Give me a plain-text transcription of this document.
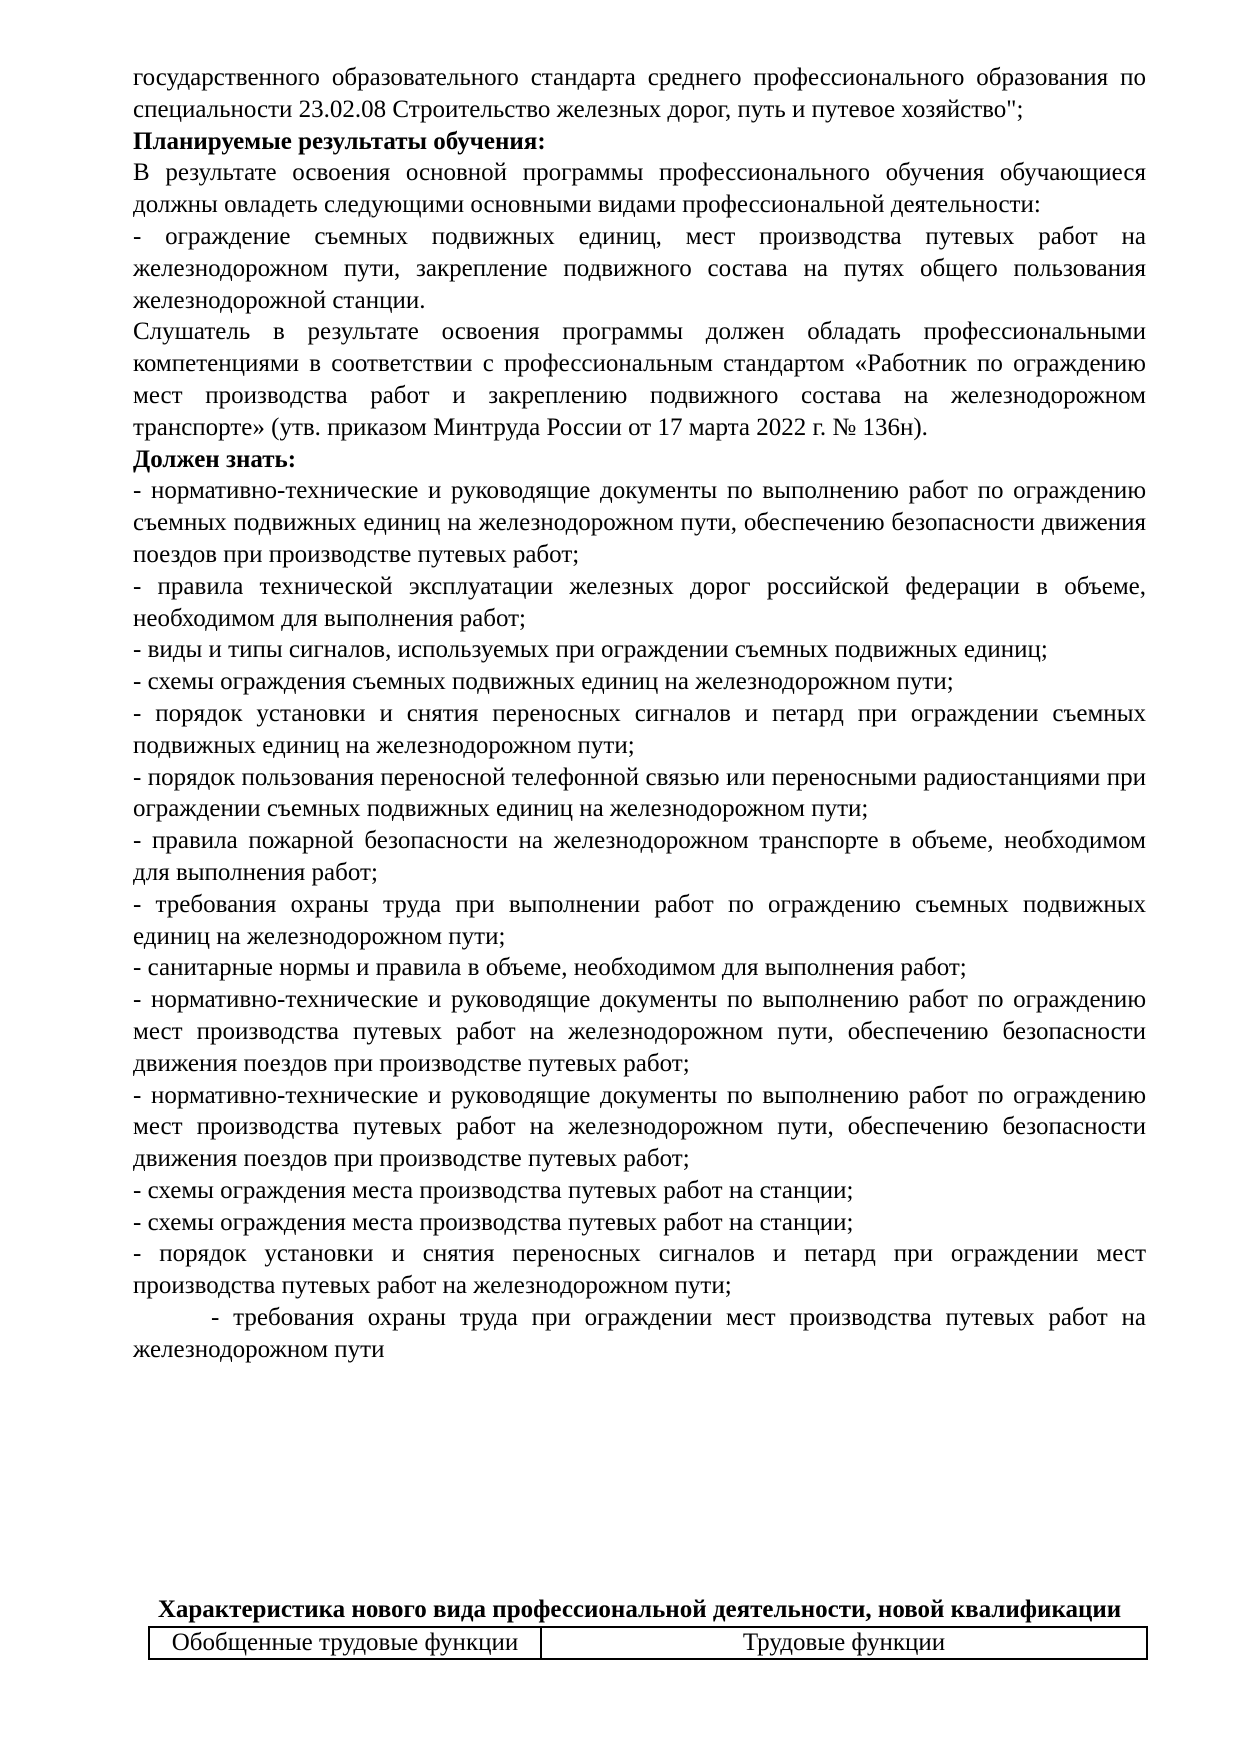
государственного образовательного стандарта среднего профессионального образования по специальности 23.02.08 Строительство железных дорог, путь и путевое хозяйство";

Планируемые результаты обучения:

В результате освоения основной программы профессионального обучения обучающиеся должны овладеть следующими основными видами профессиональной деятельности:

- ограждение съемных подвижных единиц, мест производства путевых работ на железнодорожном пути, закрепление подвижного состава на путях общего пользования железнодорожной станции.

Слушатель в результате освоения программы должен обладать профессиональными компетенциями в соответствии с профессиональным стандартом «Работник по ограждению мест производства работ и закреплению подвижного состава на железнодорожном транспорте» (утв. приказом Минтруда России от 17 марта 2022 г. № 136н).

Должен знать:

- нормативно-технические и руководящие документы по выполнению работ по ограждению съемных подвижных единиц на железнодорожном пути, обеспечению безопасности движения поездов при производстве путевых работ;

- правила технической эксплуатации железных дорог российской федерации в объеме, необходимом для выполнения работ;

- виды и типы сигналов, используемых при ограждении съемных подвижных единиц;

- схемы ограждения съемных подвижных единиц на железнодорожном пути;

- порядок установки и снятия переносных сигналов и петард при ограждении съемных подвижных единиц на железнодорожном пути;

- порядок пользования переносной телефонной связью или переносными радиостанциями при ограждении съемных подвижных единиц на железнодорожном пути;

- правила пожарной безопасности на железнодорожном транспорте в объеме, необходимом для выполнения работ;

- требования охраны труда при выполнении работ по ограждению съемных подвижных единиц на железнодорожном пути;

- санитарные нормы и правила в объеме, необходимом для выполнения работ;

- нормативно-технические и руководящие документы по выполнению работ по ограждению мест производства путевых работ на железнодорожном пути, обеспечению безопасности движения поездов при производстве путевых работ;

- нормативно-технические и руководящие документы по выполнению работ по ограждению мест производства путевых работ на железнодорожном пути, обеспечению безопасности движения поездов при производстве путевых работ;

- схемы ограждения места производства путевых работ на станции;

- схемы ограждения места производства путевых работ на станции;

- порядок установки и снятия переносных сигналов и петард при ограждении мест производства путевых работ на железнодорожном пути;

- требования охраны труда при ограждении мест производства путевых работ на железнодорожном пути

Характеристика нового вида профессиональной деятельности, новой квалификации

Обобщенные трудовые функции	Трудовые функции
